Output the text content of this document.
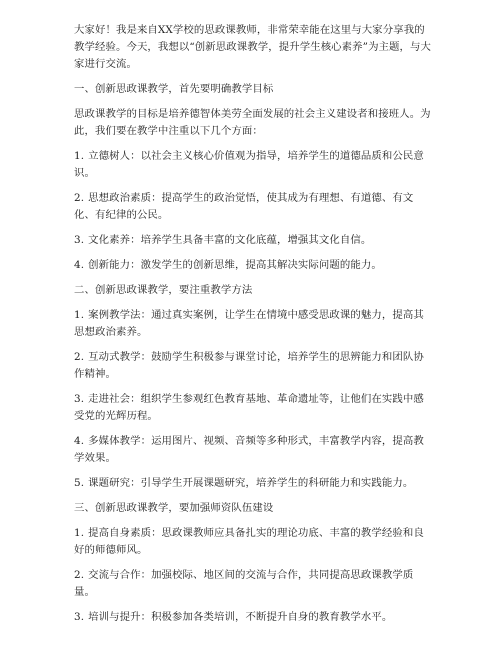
大家好！我是来自XX学校的思政课教师，非常荣幸能在这里与大家分享我的教学经验。今天，我想以“创新思政课教学，提升学生核心素养”为主题，与大家进行交流。

一、创新思政课教学，首先要明确教学目标

思政课教学的目标是培养德智体美劳全面发展的社会主义建设者和接班人。为此，我们要在教学中注重以下几个方面：

1. 立德树人：以社会主义核心价值观为指导，培养学生的道德品质和公民意识。

2. 思想政治素质：提高学生的政治觉悟，使其成为有理想、有道德、有文化、有纪律的公民。

3. 文化素养：培养学生具备丰富的文化底蕴，增强其文化自信。

4. 创新能力：激发学生的创新思维，提高其解决实际问题的能力。

二、创新思政课教学，要注重教学方法

1. 案例教学法：通过真实案例，让学生在情境中感受思政课的魅力，提高其思想政治素养。

2. 互动式教学：鼓励学生积极参与课堂讨论，培养学生的思辨能力和团队协作精神。

3. 走进社会：组织学生参观红色教育基地、革命遗址等，让他们在实践中感受党的光辉历程。

4. 多媒体教学：运用图片、视频、音频等多种形式，丰富教学内容，提高教学效果。

5. 课题研究：引导学生开展课题研究，培养学生的科研能力和实践能力。

三、创新思政课教学，要加强师资队伍建设

1. 提高自身素质：思政课教师应具备扎实的理论功底、丰富的教学经验和良好的师德师风。

2. 交流与合作：加强校际、地区间的交流与合作，共同提高思政课教学质量。

3. 培训与提升：积极参加各类培训，不断提升自身的教育教学水平。
